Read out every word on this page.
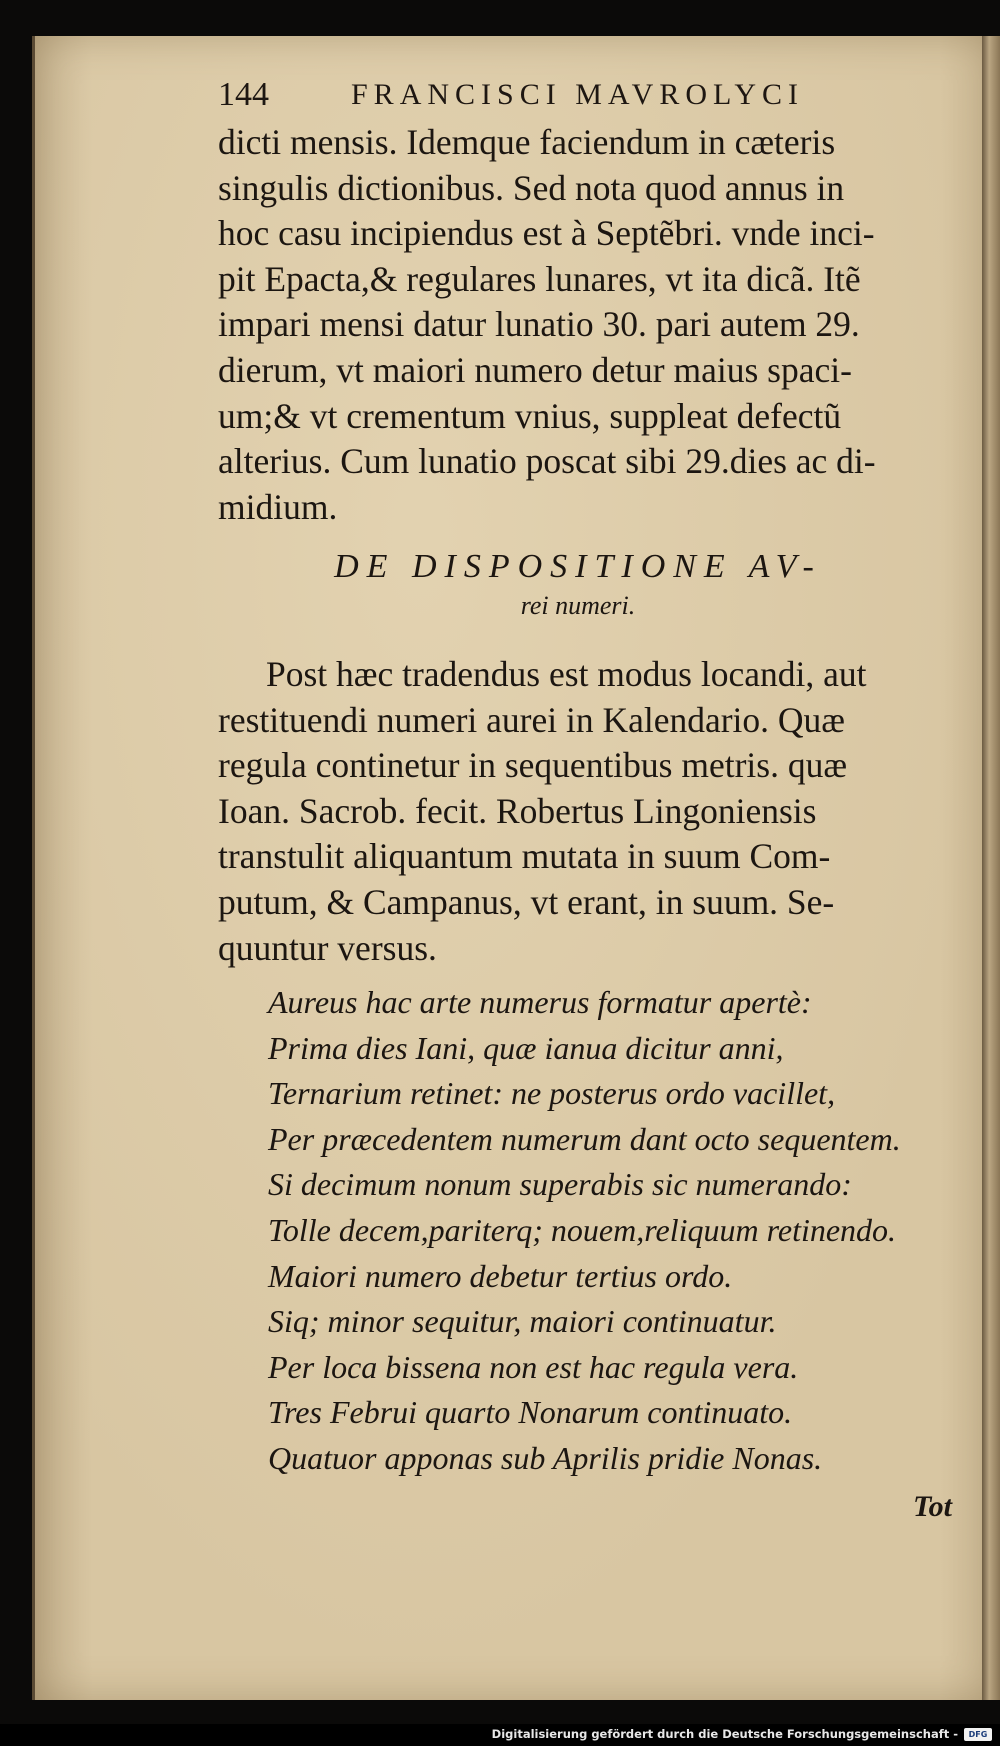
144	FRANCISCI MAVROLYCI
dicti mensis. Idemque faciendum in cæteris
singulis dictionibus. Sed nota quod annus in
hoc casu incipiendus est à Septẽbri. vnde inci-
pit Epacta,& regulares lunares, vt ita dicã. Itẽ
impari mensi datur lunatio 30. pari autem 29.
dierum, vt maiori numero detur maius spaci-
um;& vt crementum vnius, suppleat defectũ
alterius. Cum lunatio poscat sibi 29.dies ac di-
midium.
DE DISPOSITIONE AV-
rei numeri.
Post hæc tradendus est modus locandi, aut
restituendi numeri aurei in Kalendario. Quæ
regula continetur in sequentibus metris. quæ
Ioan. Sacrob. fecit. Robertus Lingoniensis
transtulit aliquantum mutata in suum Com-
putum, & Campanus, vt erant, in suum. Se-
quuntur versus.
Aureus hac arte numerus formatur apertè:
Prima dies Iani, quæ ianua dicitur anni,
Ternarium retinet: ne posterus ordo vacillet,
Per præcedentem numerum dant octo sequentem.
Si decimum nonum superabis sic numerando:
Tolle decem,pariterq; nouem,reliquum retinendo.
Maiori numero debetur tertius ordo.
Siq; minor sequitur, maiori continuatur.
Per loca bissena non est hac regula vera.
Tres Februi quarto Nonarum continuato.
Quatuor apponas sub Aprilis pridie Nonas.
Tot
Digitalisierung gefördert durch die Deutsche Forschungsgemeinschaft -	DFG
